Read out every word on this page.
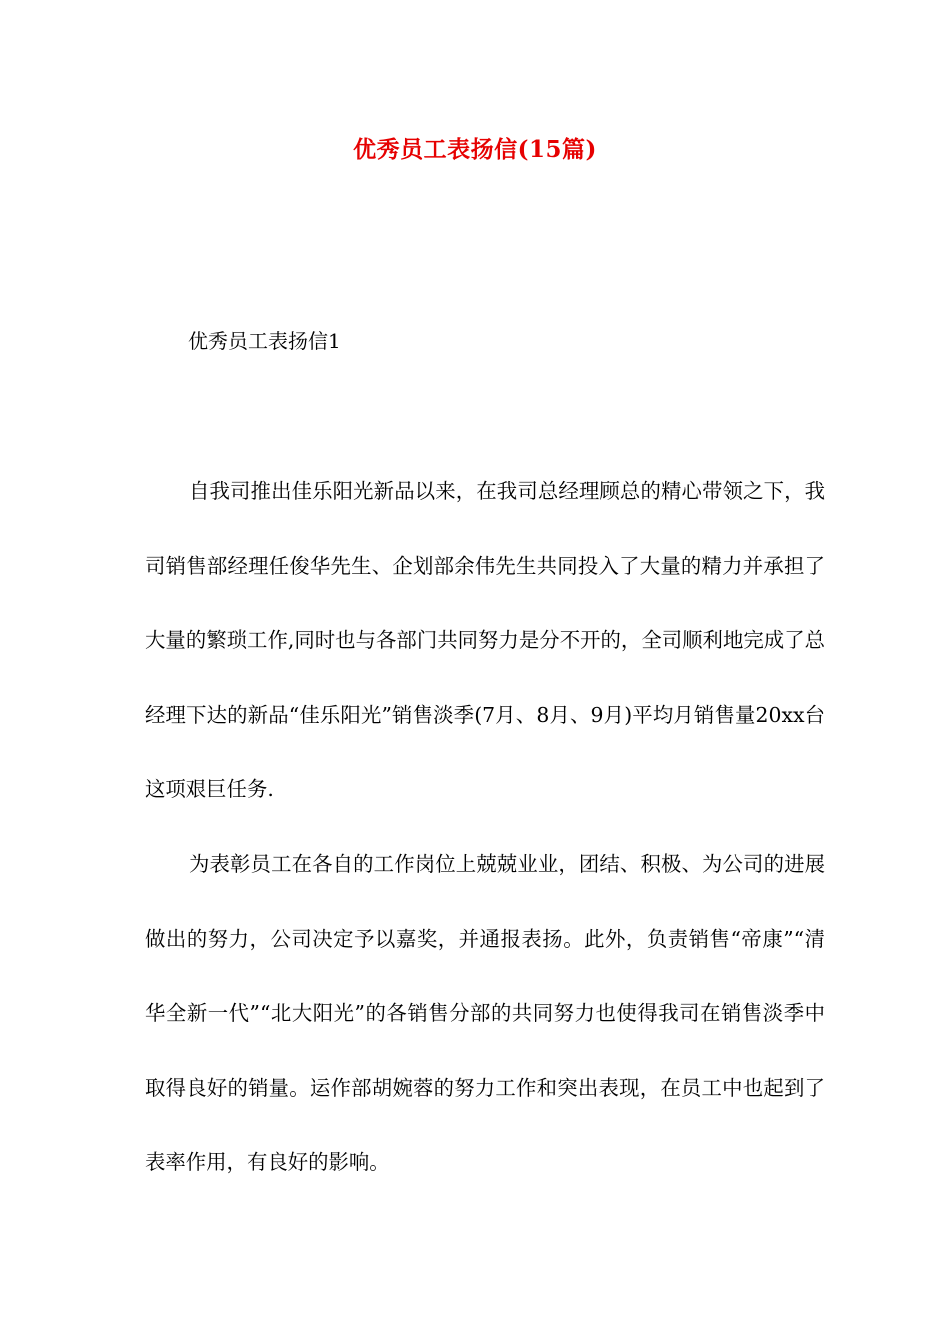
优秀员工表扬信(15篇)

优秀员工表扬信1

自我司推出佳乐阳光新品以来，在我司总经理顾总的精心带领之下，我司销售部经理任俊华先生、企划部余伟先生共同投入了大量的精力并承担了大量的繁琐工作,同时也与各部门共同努力是分不开的，全司顺利地完成了总经理下达的新品“佳乐阳光”销售淡季(7月、8月、9月)平均月销售量20xx台这项艰巨任务.

为表彰员工在各自的工作岗位上兢兢业业，团结、积极、为公司的进展做出的努力，公司决定予以嘉奖，并通报表扬。此外，负责销售“帝康”“清华全新一代”“北大阳光”的各销售分部的共同努力也使得我司在销售淡季中取得良好的销量。运作部胡婉蓉的努力工作和突出表现，在员工中也起到了表率作用，有良好的影响。
